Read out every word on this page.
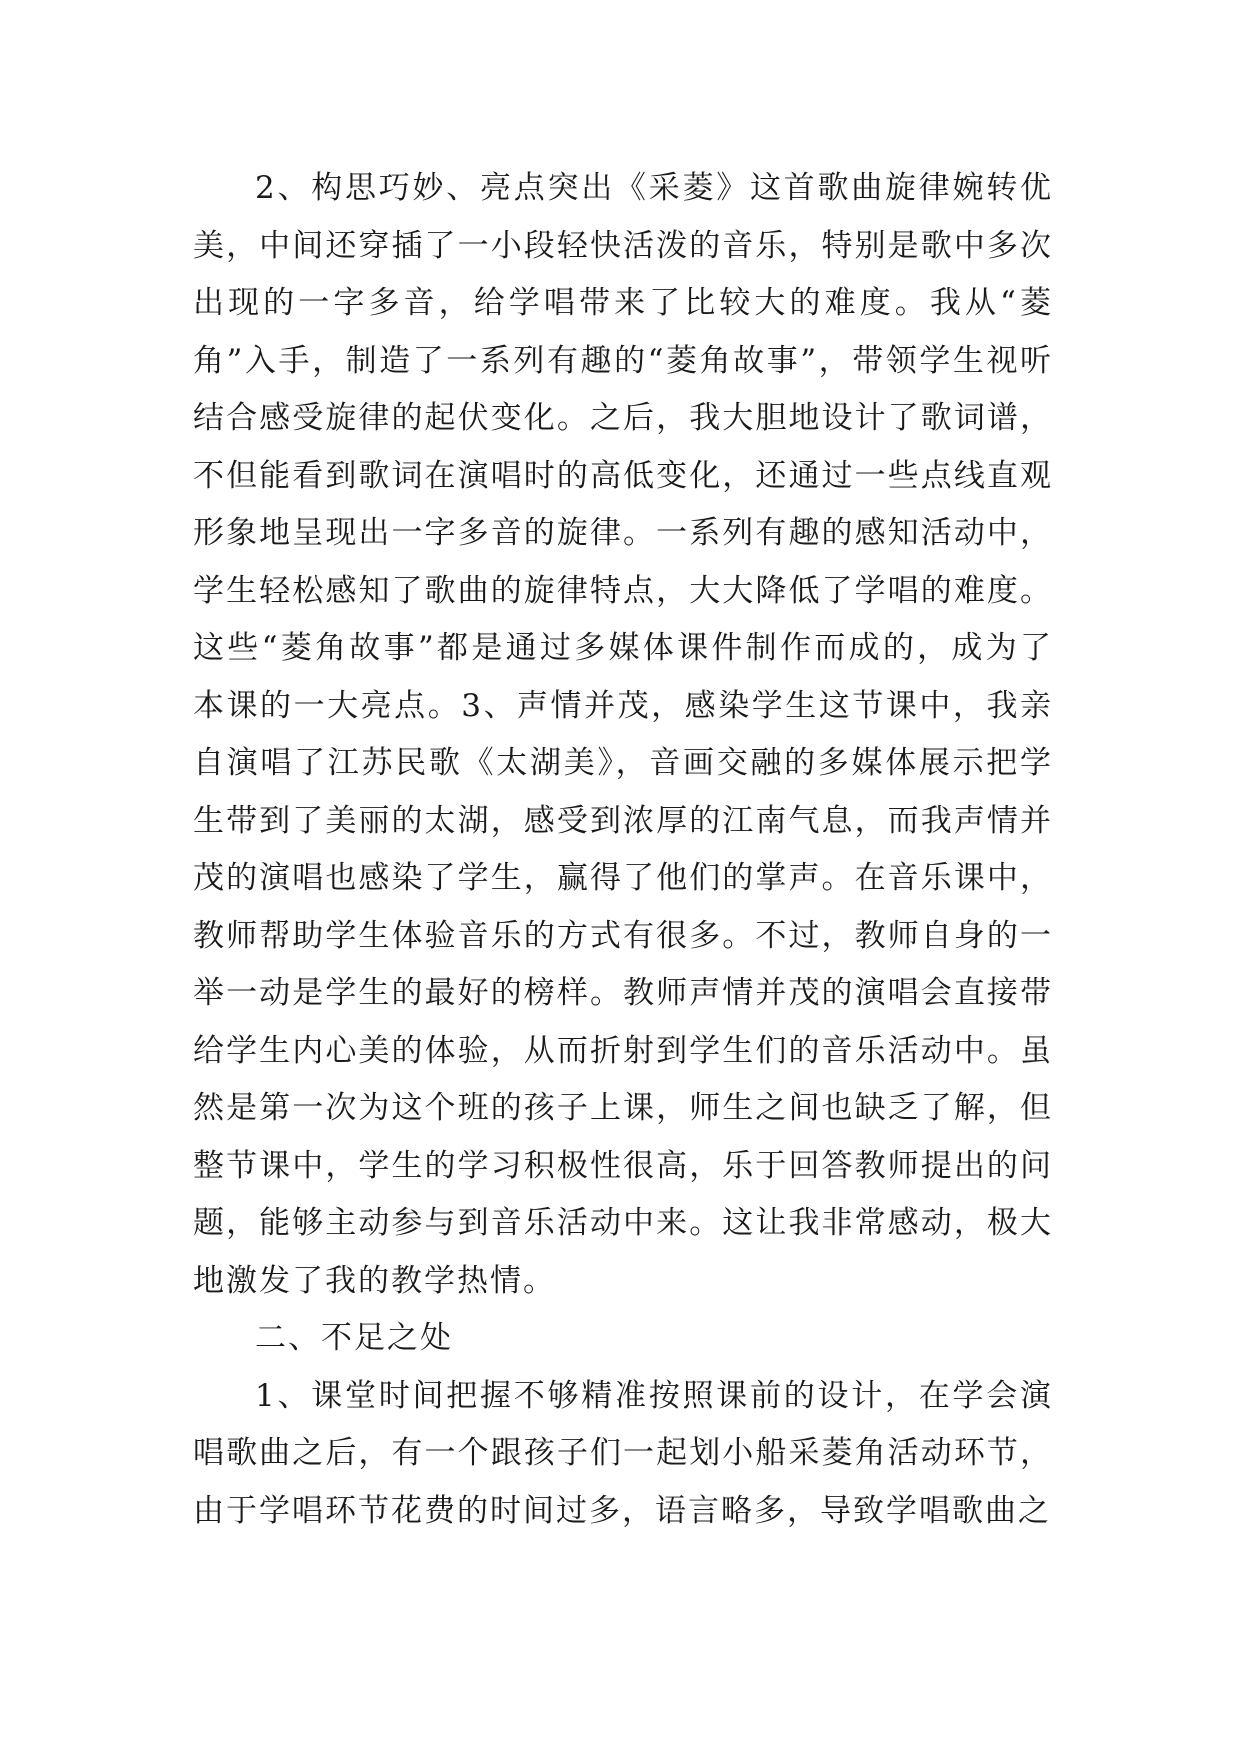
2、构思巧妙、亮点突出《采菱》这首歌曲旋律婉转优美，中间还穿插了一小段轻快活泼的音乐，特别是歌中多次出现的一字多音，给学唱带来了比较大的难度。我从“菱角”入手，制造了一系列有趣的“菱角故事”，带领学生视听结合感受旋律的起伏变化。之后，我大胆地设计了歌词谱，不但能看到歌词在演唱时的高低变化，还通过一些点线直观形象地呈现出一字多音的旋律。一系列有趣的感知活动中，学生轻松感知了歌曲的旋律特点，大大降低了学唱的难度。这些“菱角故事”都是通过多媒体课件制作而成的，成为了本课的一大亮点。3、声情并茂，感染学生这节课中，我亲自演唱了江苏民歌《太湖美》，音画交融的多媒体展示把学生带到了美丽的太湖，感受到浓厚的江南气息，而我声情并茂的演唱也感染了学生，赢得了他们的掌声。在音乐课中，教师帮助学生体验音乐的方式有很多。不过，教师自身的一举一动是学生的最好的榜样。教师声情并茂的演唱会直接带给学生内心美的体验，从而折射到学生们的音乐活动中。虽然是第一次为这个班的孩子上课，师生之间也缺乏了解，但整节课中，学生的学习积极性很高，乐于回答教师提出的问题，能够主动参与到音乐活动中来。这让我非常感动，极大地激发了我的教学热情。

二、不足之处

1、课堂时间把握不够精准按照课前的设计，在学会演唱歌曲之后，有一个跟孩子们一起划小船采菱角活动环节，由于学唱环节花费的时间过多，语言略多，导致学唱歌曲之
